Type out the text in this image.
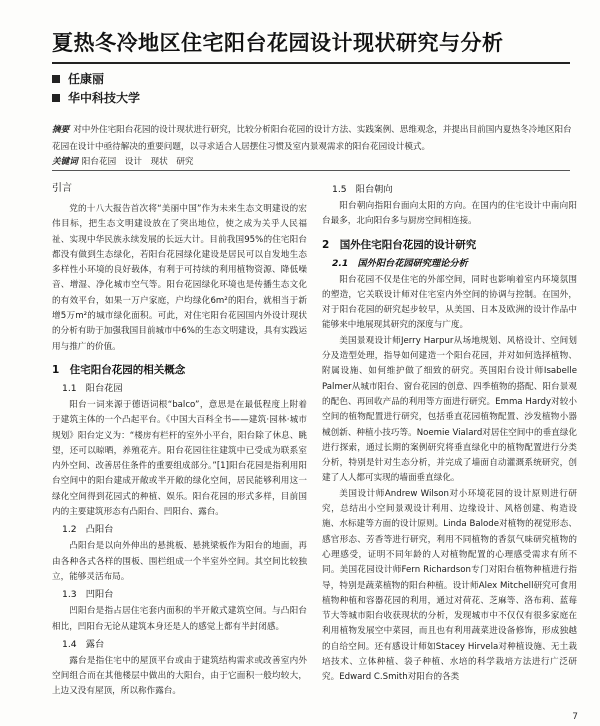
夏热冬冷地区住宅阳台花园设计现状研究与分析
任康丽
华中科技大学
摘要 对中外住宅阳台花园的设计现状进行研究，比较分析阳台花园的设计方法、实践案例、思维观念，并提出目前国内夏热冬冷地区阳台花园在设计中亟待解决的重要问题，以寻求适合人居摆住习惯及室内景观需求的阳台花园设计模式。
关键词 阳台花园　设计　现状　研究
引言

党的十八大报告首次将“美丽中国”作为未来生态文明建设的宏伟目标，把生态文明建设放在了突出地位，使之成为关乎人民福祉、实现中华民族永续发展的长远大计。目前我国95%的住宅阳台都没有做到生态绿化，若阳台花园绿化建设是居民可以自发地生态多样性小环境的良好载体，有利于可持续的利用植物资源、降低噪音、增湿、净化城市空气等。阳台花园绿化环境也是传播生态文化的有效平台，如果一万户家庭，户均绿化6m²的阳台，就相当于新增5万m²的城市绿化面积。可此，对住宅阳台花园国内外设计现状的分析有助于加强我国目前城市中6%的生态文明建设，具有实践运用与推广的价值。

1　住宅阳台花园的相关概念
1.1　阳台花园

阳台一词来源于德语词根“balco”，意思是在最低程度上附着于建筑主体的一个凸起平台。《中国大百科全书——建筑·园林·城市规划》阳台定义为：“楼房有栏杆的室外小平台，阳台除了休息、眺望，还可以晾晒，养殖花卉。阳台花园往往建筑中已受成为联系室内外空间、改善居住条件的重要组成部分。”[1]阳台花园是指利用阳台空间中的阳台建成开敞或半开敞的绿化空间，居民能够利用这一绿化空间得到花园式的种植、娱乐。阳台花园的形式多样，目前国内的主要建筑形态有凸阳台、凹阳台、露台。

1.2　凸阳台

凸阳台是以向外伸出的悬挑板、悬挑梁板作为阳台的地面，再由各种各式各样的围板、围栏组成一个半室外空间。其空间比较独立，能够灵活布局。

1.3　凹阳台

凹阳台是指占居住宅套内面积的半开敞式建筑空间。与凸阳台相比，凹阳台无论从建筑本身还是人的感觉上都有半封闭感。

1.4　露台

露台是指住宅中的屋顶平台或由于建筑结构需求或改善室内外空间组合而在其他楼层中做出的大阳台，由于它面积一般均较大，上边又没有屋顶，所以称作露台。

1.5　阳台朝向

阳台朝向指阳台面向太阳的方向。在国内的住宅设计中南向阳台最多，北向阳台多与厨房空间相连接。

2　国外住宅阳台花园的设计研究
2.1　国外阳台花园研究理论分析

阳台花园不仅是住宅的外部空间，同时也影响着室内环境氛围的塑造，它关联设计师对住宅室内外空间的协调与控制。在国外，对于阳台花园的研究起步较早，从美国、日本及欧洲的设计作品中能够来中地展现其研究的深度与广度。

美国景观设计师Jerry Harpur从场地规划、风格设计、空间划分及造型处理，指导如何建造一个阳台花园，并对如何选择植物、附属设施、如何维护做了细致的研究。英国阳台设计师Isabelle Palmer从城市阳台、窗台花园的创意、四季植物的搭配、阳台景观的配色、再回收产品的利用等方面进行研究。Emma Hardy对较小空间的植物配置进行研究，包括垂直花园植物配置、沙发植物小器械创新、种植小技巧等。Noemie Vialard对居住空间中的垂直绿化进行探索，通过长期的案例研究将垂直绿化中的植物配置进行分类分析，特别是针对生态分析，并完成了墙面自动灌溉系统研究，创建了人人都可实现的墙面垂直绿化。

美国设计师Andrew Wilson对小环境花园的设计原则进行研究，总结出小空间景观设计利用、边缘设计、风格创建、构造设施、水标建等方面的设计原则。Linda Balode对植物的视觉形态、感官形态、芳香等进行研究，利用不同植物的香氛气味研究植物的心理感受，证明不同年龄的人对植物配置的心理感受需求有所不同。美国花园设计师Fern Richardson专门对阳台植物种植进行指导，特别是蔬菜植物的阳台种植。设计师Alex Mitchell研究可食用植物种植和容器花园的利用，通过对荷花、芝麻等、洛布莉、蓝莓节大等城市阳台收获现状的分析，发现城市中不仅仅有很多家庭在利用植物发展空中菜园，而且也有利用蔬菜进设备修饰，形成独越的自给空间。还有感设计师如Stacey Hirvela对种植设施、无土栽培技术、立体种植、袋子种植、水培的科学栽培方法进行广泛研究。Edward C.Smith对阳台的各类

7
